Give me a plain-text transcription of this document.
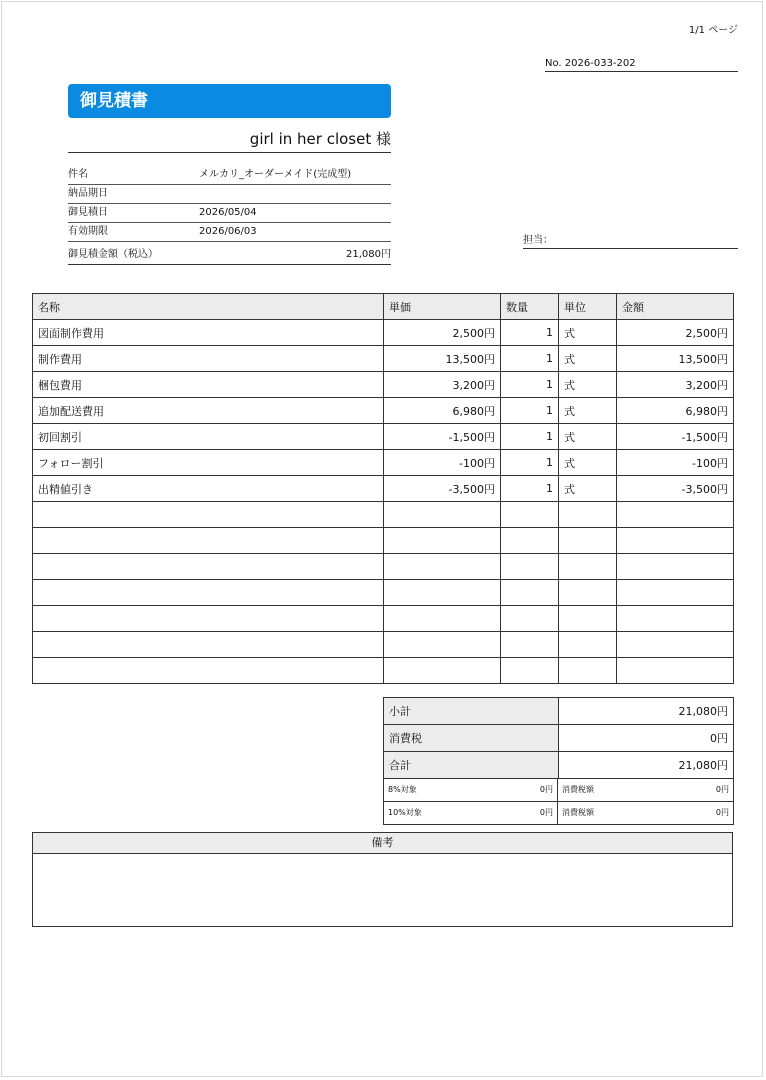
1/1 ページ
No. 2026-033-202
御見積書
girl in her closet 様
件名	メルカリ_オーダーメイド(完成型)
納品期日
御見積日	2026/05/04
有効期限	2026/06/03
御見積金額（税込）	21,080円
担当：
名称	単価	数量	単位	金額
図面制作費用	2,500円	1	式	2,500円
制作費用	13,500円	1	式	13,500円
梱包費用	3,200円	1	式	3,200円
追加配送費用	6,980円	1	式	6,980円
初回割引	-1,500円	1	式	-1,500円
フォロー割引	-100円	1	式	-100円
出精値引き	-3,500円	1	式	-3,500円

小計	21,080円
消費税	0円
合計	21,080円
8%対象	0円	消費税額	0円
10%対象	0円	消費税額	0円
備考
